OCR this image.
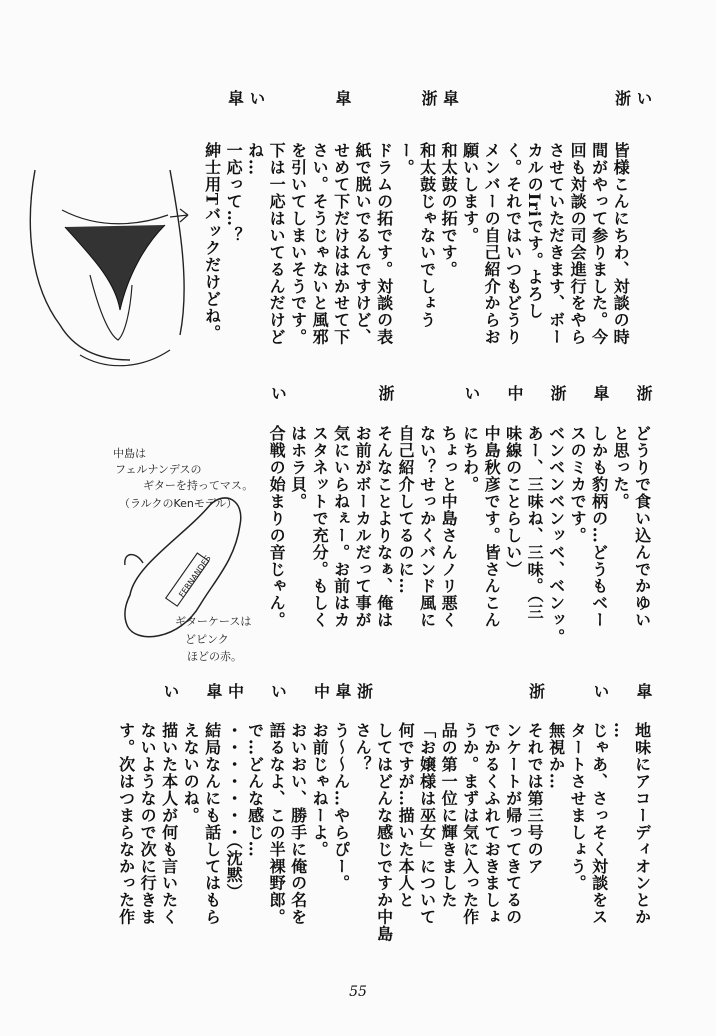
い
浙
皆様こんにちわ、対談の時
間がやって参りました。今
回も対談の司会進行をやら
させていただきます、ボー
カルのIriです。よろし
く。それではいつもどうり
メンバーの自己紹介からお
願いします。
皐
和太鼓の拓です。
浙
和太鼓じゃないでしょう
ー。
ドラムの拓です。対談の表
紙で脱いでるんですけど、
皐
せめて下だけははかせて下
さい。そうじゃないと風邪
を引いてしまいそうです。
下は一応はいてるんだけど
い
ね…
皐
一応って…？
紳士用Tバックだけどね。
浙
どうりで食い込んでかゆい
と思った。
皐
しかも豹柄の…どうもベー
スのミカです。
浙
ベンベンベンッベ、ベンッ。
あー、三味ね、三味。（三
中
味線のことらしい）
中島秋彦です。皆さんこん
い
にちわ。
ちょっと中島さんノリ悪く
ない？せっかくバンド風に
自己紹介してるのに…
浙
そんなことよりなぁ、俺は
お前がボーカルだって事が
気にいらねぇー。お前はカ
スタネットで充分。もしく
はホラ貝。
い
合戦の始まりの音じゃん。
皐
地味にアコーディオンとか
…
い
じゃあ、さっそく対談をス
タートさせましょう。
無視か…
浙
それでは第三号のア
ンケートが帰ってきてるの
でかるくふれておきましょ
うか。まずは気に入った作
品の第一位に輝きました
「お嬢様は巫女」について
何ですが…描いた本人と
してはどんな感じですか中島
浙
さん？
皐
う〜〜ん…やらぴー。
中
お前じゃねーよ。
おいおい、勝手に俺の名を
い
語るなよ、この半裸野郎。
で…どんな感じ…
中
・・・・・・・（沈黙）
皐
結局なんにも話してはもら
えないのね。
い
描いた本人が何も言いたく
ないようなので次に行きま
す。次はつまらなかった作
中島は
フェルナンデスの
ギターを持ってマス。
（ラルクのKenモデル）
FERNANDES
ギターケースは
どピンク
ほどの赤。
55
